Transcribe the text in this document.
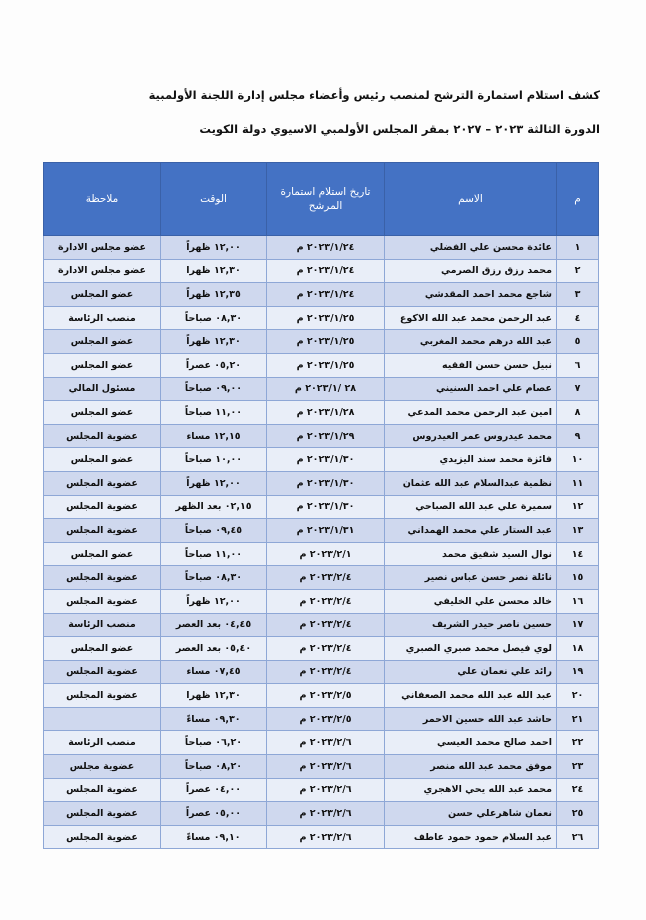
كشف استلام استمارة الترشح لمنصب رئيس وأعضاء مجلس إدارة اللجنة الأولمبية
الدورة الثالثة ٢٠٢٣ – ٢٠٢٧ بمقر المجلس الأولمبي الاسيوي دولة الكويت
م	الاسم	تاريخ استلام استمارة المرشح	الوقت	ملاحظة
١	عائدة محسن علي الفضلي	٢٠٢٣/١/٢٤ م	١٢,٠٠ ظهراً	عضو مجلس الادارة
٢	محمد رزق رزق الصرمي	٢٠٢٣/١/٢٤ م	١٢,٣٠ ظهرا	عضو مجلس الادارة
٣	شاجع محمد احمد المقدشي	٢٠٢٣/١/٢٤ م	١٢,٣٥ ظهراً	عضو المجلس
٤	عبد الرحمن محمد عبد الله الاكوع	٢٠٢٣/١/٢٥ م	٠٨,٣٠ صباحاً	منصب الرئاسة
٥	عبد الله درهم محمد المغربي	٢٠٢٣/١/٢٥ م	١٢,٣٠ ظهراً	عضو المجلس
٦	نبيل حسن حسن الفقيه	٢٠٢٣/١/٢٥ م	٠٥,٢٠ عصراً	عضو المجلس
٧	عصام علي احمد السنيني	٢٨ /٢٠٢٣/١ م	٠٩,٠٠ صباحاً	مسئول المالي
٨	امين عبد الرحمن محمد المدعي	٢٠٢٣/١/٢٨ م	١١,٠٠ صباحاً	عضو المجلس
٩	محمد عيدروس عمر العيدروس	٢٠٢٣/١/٢٩ م	١٢,١٥ مساء	عضوية المجلس
١٠	فائزة محمد سند اليزيدي	٢٠٢٣/١/٣٠ م	١٠,٠٠ صباحاً	عضو المجلس
١١	نظمية عبدالسلام عبد الله عثمان	٢٠٢٣/١/٣٠ م	١٢,٠٠ ظهراً	عضوية المجلس
١٢	سميرة علي عبد الله الصباحي	٢٠٢٣/١/٣٠ م	٠٢,١٥ بعد الظهر	عضوية المجلس
١٣	عبد الستار علي محمد الهمداني	٢٠٢٣/١/٣١ م	٠٩,٤٥ صباحاً	عضوية المجلس
١٤	نوال السيد شفيق محمد	٢٠٢٣/٢/١ م	١١,٠٠ صباحاً	عضو المجلس
١٥	نائلة نصر حسن عباس نصير	٢٠٢٣/٢/٤ م	٠٨,٣٠ صباحاً	عضوية المجلس
١٦	خالد محسن علي الخليفي	٢٠٢٣/٢/٤ م	١٢,٠٠ ظهراً	عضوية المجلس
١٧	حسين ناصر حيدر الشريف	٢٠٢٣/٢/٤ م	٠٤,٤٥ بعد العصر	منصب الرئاسة
١٨	لوي فيصل محمد صبري الصبري	٢٠٢٣/٢/٤ م	٠٥,٤٠ بعد العصر	عضو المجلس
١٩	رائد علي نعمان علي	٢٠٢٣/٢/٤ م	٠٧,٤٥ مساء	عضوية المجلس
٢٠	عبد الله عبد الله محمد الصعفاني	٢٠٢٣/٢/٥ م	١٢,٣٠ ظهرا	عضوية المجلس
٢١	حاشد عبد الله حسين الاحمر	٢٠٢٣/٢/٥ م	٠٩,٣٠ مساءً	
٢٢	احمد صالح محمد العيسي	٢٠٢٣/٢/٦ م	٠٦,٢٠ صباحاً	منصب الرئاسة
٢٣	موفق محمد عبد الله منصر	٢٠٢٣/٢/٦ م	٠٨,٢٠ صباحاً	عضوية مجلس
٢٤	محمد عبد الله يحي الاهجري	٢٠٢٣/٢/٦ م	٠٤,٠٠ عصراً	عضوية المجلس
٢٥	نعمان شاهرعلي حسن	٢٠٢٣/٢/٦ م	٠٥,٠٠ عصراً	عضوية المجلس
٢٦	عبد السلام حمود حمود عاطف	٢٠٢٣/٢/٦ م	٠٩,١٠ مساءً	عضوية المجلس
